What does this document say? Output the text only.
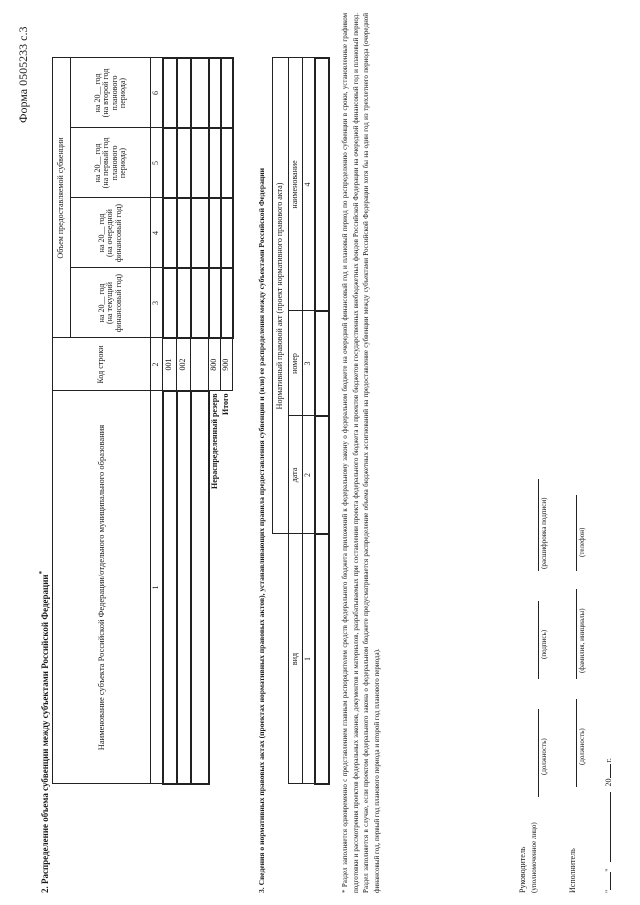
Форма 0505233 с.3
2. Распределение объема субвенции между субъектами Российской Федерации*	Наименование субъекта Российской Федерации/отдельного муниципального образования	Код строки	Объем предоставляемой субвенции			
		на 20__ год
(на текущий
финансовый год)	на 20__ год
(на очередной
финансовый год)	на 20__ год
(на первый год
планового периода)	на 20__ год
(на второй год
планового периода)
1	2	3	4	5	6
	001				
	002				

Нераспределенный резерв	800				
Итого	900					3. Сведения о нормативных правовых актах (проектах нормативных правовых актов), устанавливающих правила предоставления субвенции и (или) ее распределения между субъектами Российской Федерации
	Нормативный правовой акт (проект нормативного правового акта)		
вид	дата	номер	наименование
1	2	3	4
				* Раздел заполняется одновременно с представлением главным распорядителем средств федерального бюджета приложений к федеральному закону о федеральном бюджете на очередной финансовый год и плановый период по распределению субвенции в сроки, установленные графиком подготовки и рассмотрения проектов федеральных законов, документов и материалов, разрабатываемых при составлении проекта федерального бюджета и проектов бюджетов государственных внебюджетных фондов Российской Федерации на очередной финансовый год и плановый период. Раздел заполняется в случае, если проектом федерального закона о федеральном бюджете предусматривается распределение объема бюджетных ассигнований на предоставление субвенции между субъектами Российской Федерации хотя бы на один год из трехлетнего периода (очередной финансовый год, первый год планового периода и второй год планового периода).	Руководитель (уполномоченное лицо)
(должность)
(подпись)
(расшифровка подписи)
Исполнитель
(должность)
(фамилия, инициалы)
(телефон)
""  20 г.
